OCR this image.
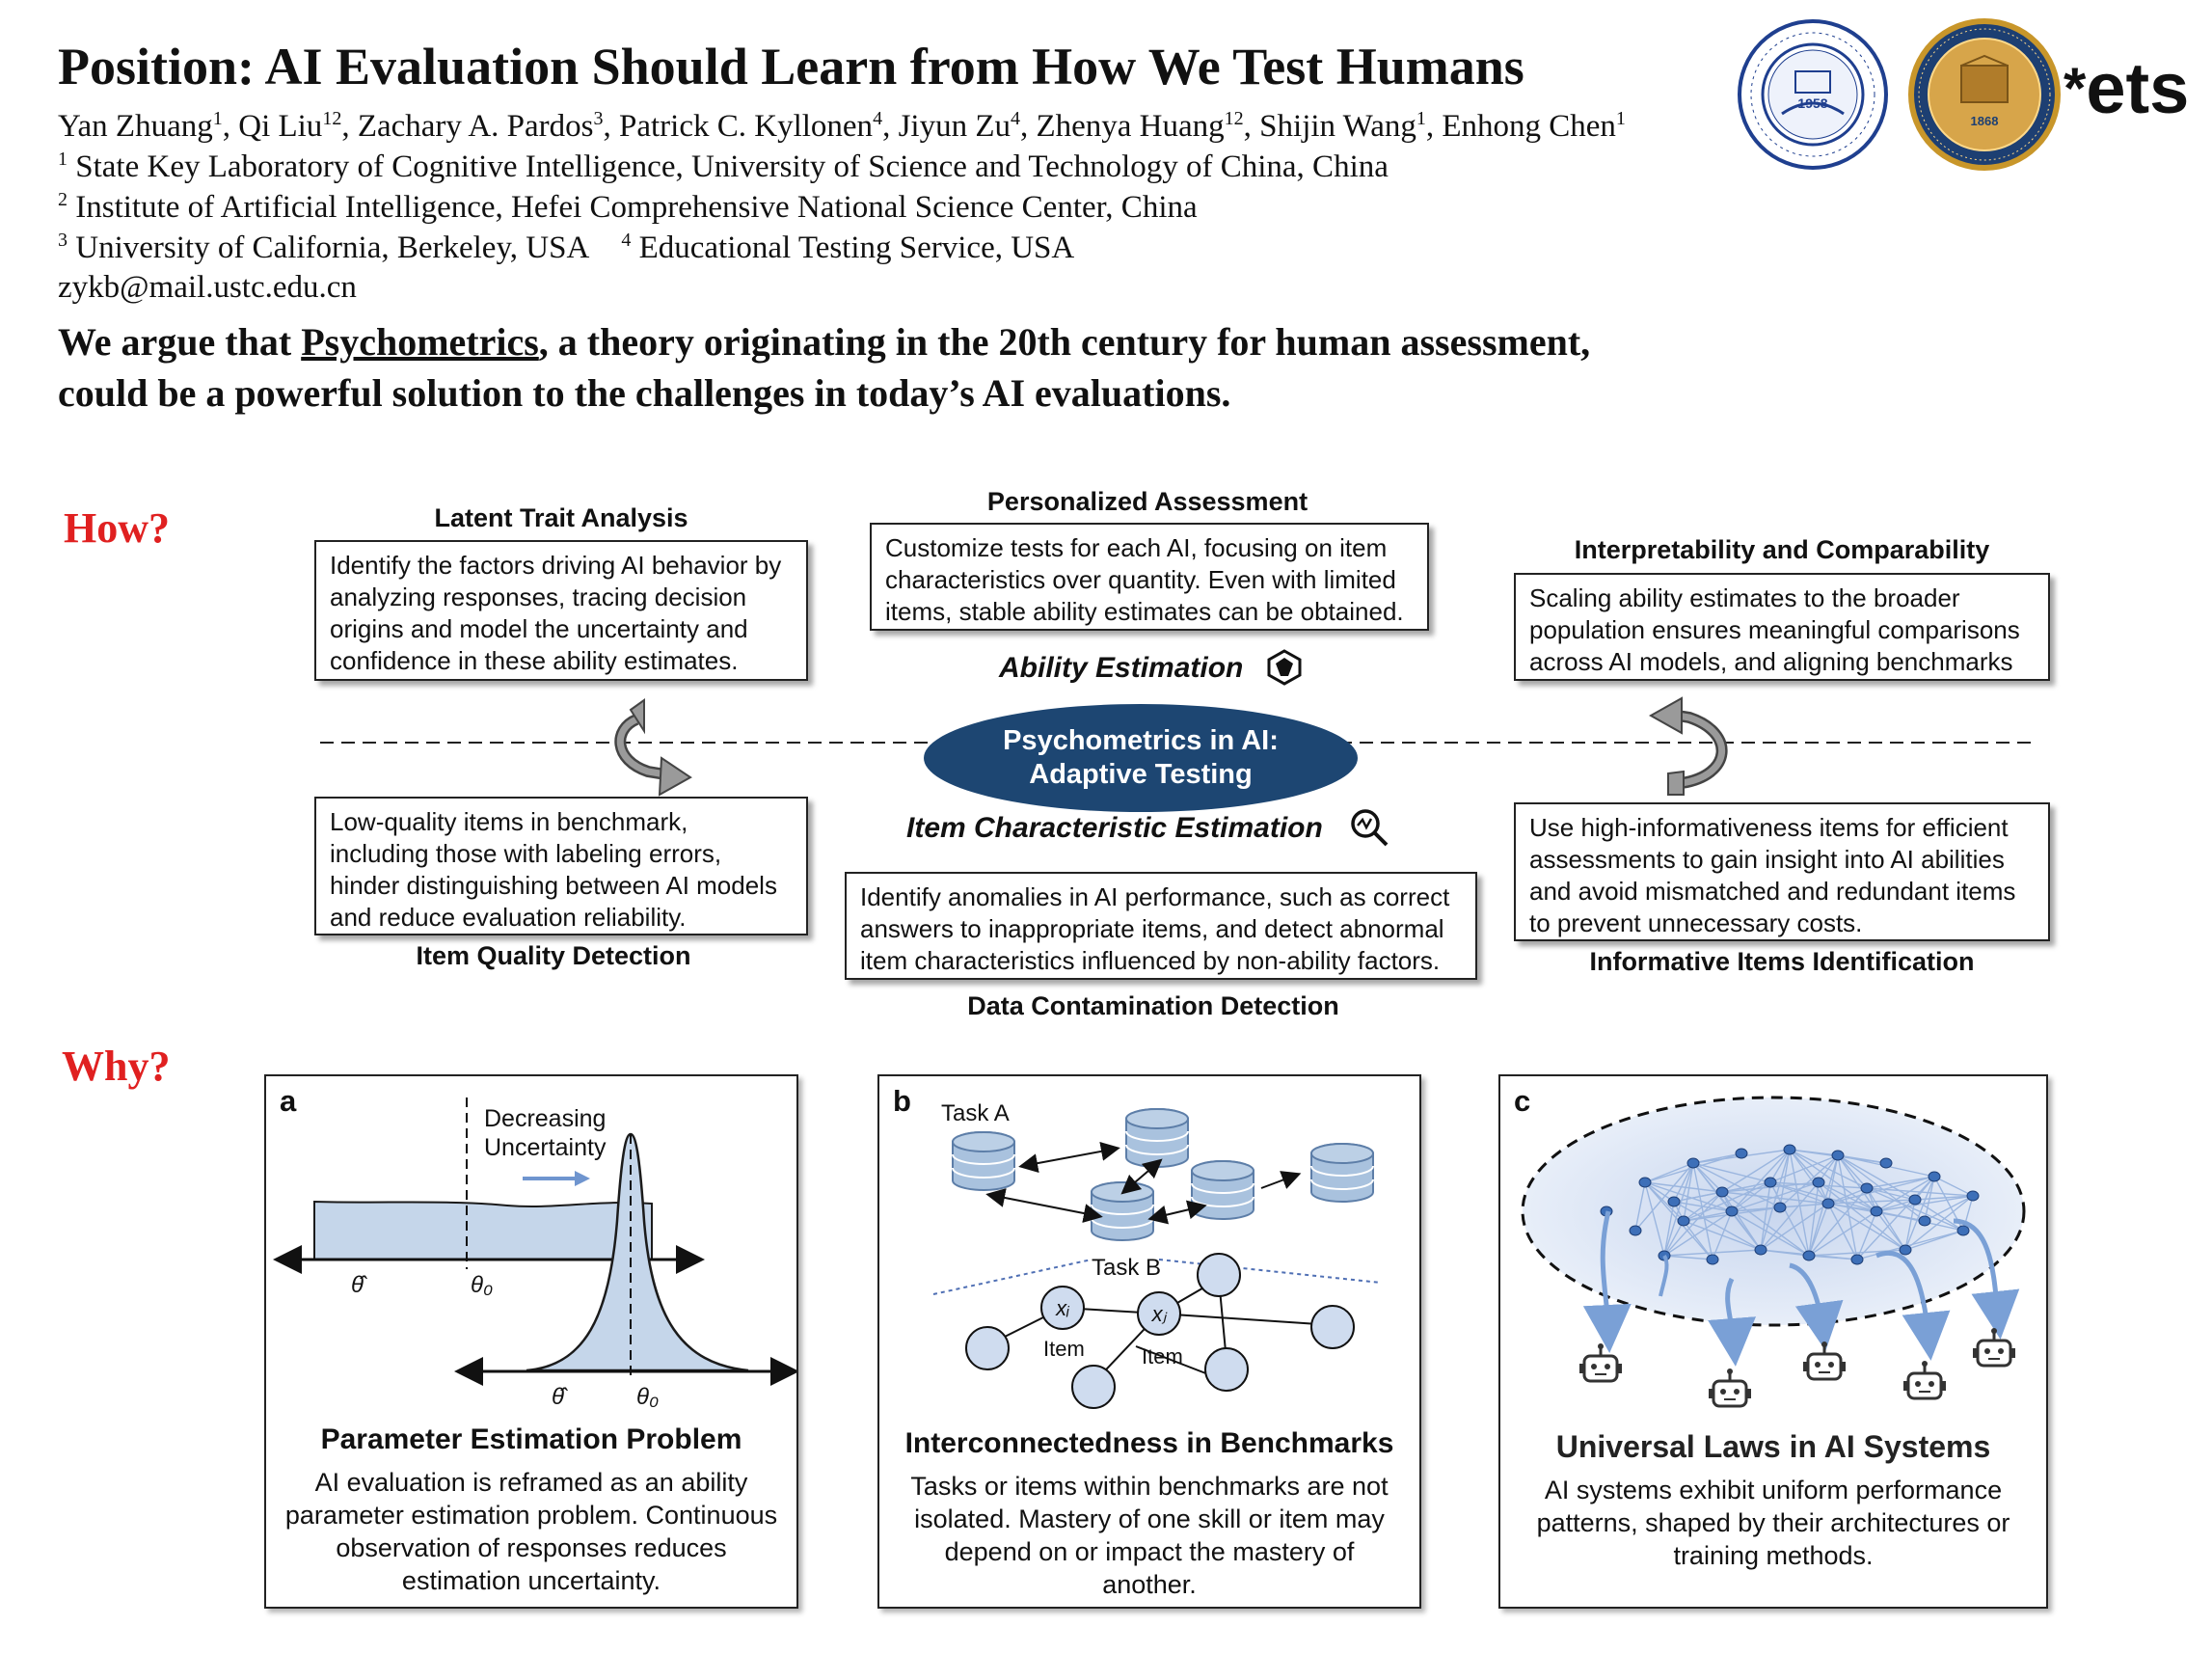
Position: AI Evaluation Should Learn from How We Test Humans
Yan Zhuang$^1$, Qi Liu$^{12}$, Zachary A. Pardos$^3$, Patrick C. Kyllonen$^4$, Jiyun Zu$^4$, Zhenya Huang$^{12}$, Shijin Wang$^1$, Enhong Chen$^1$
$^1$ State Key Laboratory of Cognitive Intelligence, University of Science and Technology of China, China
$^2$ Institute of Artificial Intelligence, Hefei Comprehensive National Science Center, China
$^3$ University of California, Berkeley, USA $^4$ Educational Testing Service, USA
zykb@mail.ustc.edu.cn
We argue that Psychometrics, a theory originating in the 20th century for human assessment,
could be a powerful solution to the challenges in today’s AI evaluations.
1958
1868
*ets
How?
Psychometrics in AI:
Adaptive Testing
Ability Estimation
Item Characteristic Estimation
Latent Trait Analysis
Identify the factors driving AI behavior by analyzing responses, tracing decision origins and model the uncertainty and confidence in these ability estimates.
Personalized Assessment
Customize tests for each AI, focusing on item characteristics over quantity. Even with limited items, stable ability estimates can be obtained.
Interpretability and Comparability
Scaling ability estimates to the broader population ensures meaningful comparisons across AI models, and aligning benchmarks
Low-quality items in benchmark, including those with labeling errors, hinder distinguishing between AI models and reduce evaluation reliability.
Item Quality Detection
Identify anomalies in AI performance, such as correct answers to inappropriate items, and detect abnormal item characteristics influenced by non-ability factors.
Data Contamination Detection
Use high-informativeness items for efficient assessments to gain insight into AI abilities and avoid mismatched and redundant items to prevent unnecessary costs.
Informative Items Identification
Why?
a
Decreasing
Uncertainty
θ̂	θ₀
θ̂	θ₀
Parameter Estimation Problem
AI evaluation is reframed as an ability parameter estimation problem. Continuous observation of responses reduces estimation uncertainty.
b Task A
Task B
xᵢ	xⱼ
Item	Item
Interconnectedness in Benchmarks
Tasks or items within benchmarks are not isolated. Mastery of one skill or item may depend on or impact the mastery of another.
c
Universal Laws in AI Systems
AI systems exhibit uniform performance patterns, shaped by their architectures or training methods.
